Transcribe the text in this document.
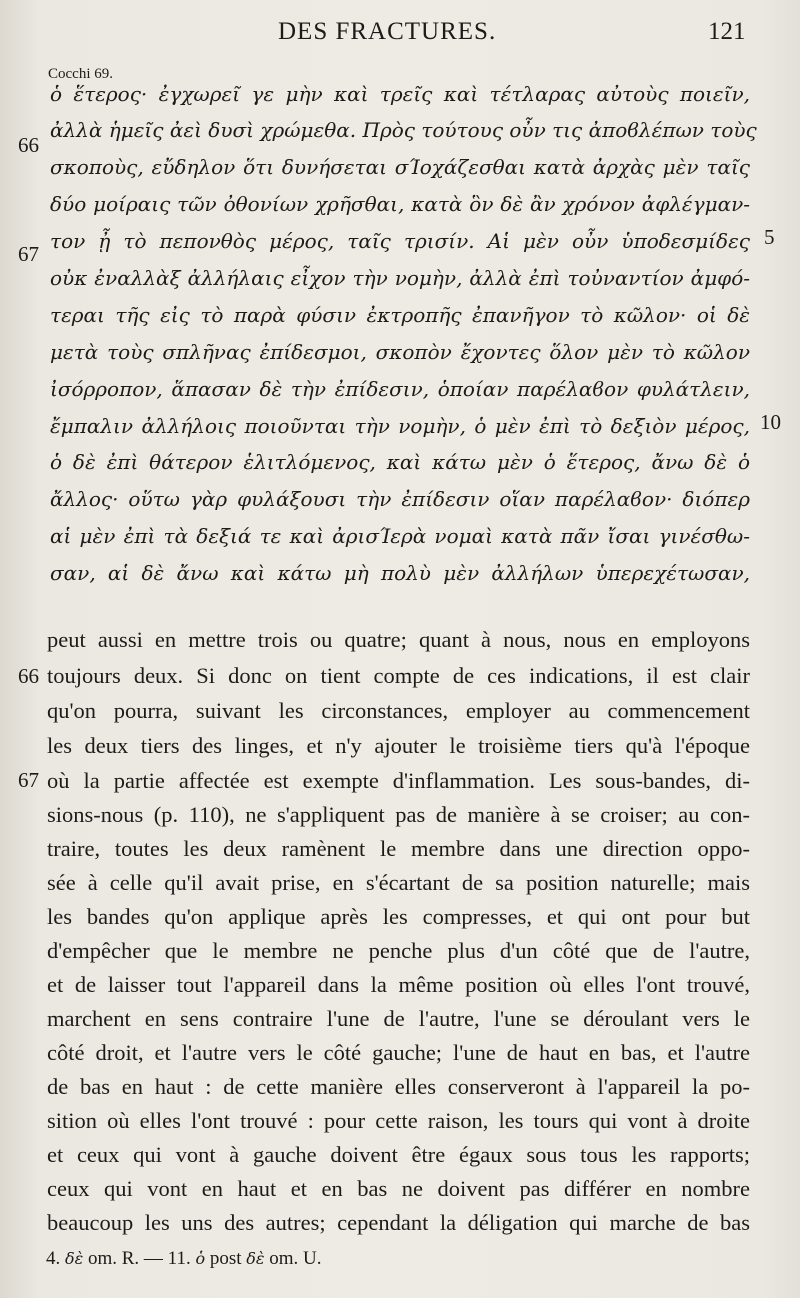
DES FRACTURES.	121
Cocchi 69.
ὁ ἕτερος· ἐγχωρεῖ γε μὴν καὶ τρεῖς καὶ τέτλαρας αὐτοὺς ποιεῖν,
ἀλλὰ ἡμεῖς ἀεὶ δυσὶ χρώμεθα. Πρὸς τούτους οὖν τις ἀποϐλέπων τοὺς
σκοποὺς, εὔδηλον ὅτι δυνήσεται σΊοχάζεσθαι κατὰ ἀρχὰς μὲν ταῖς
δύο μοίραις τῶν ὀθονίων χρῆσθαι, κατὰ ὃν δὲ ἂν χρόνον ἀφλέγμαν-
τον ᾖ τὸ πεπονθὸς μέρος, ταῖς τρισίν. Αἱ μὲν οὖν ὑποδεσμίδες
οὐκ ἐναλλὰξ ἀλλήλαις εἶχον τὴν νομὴν, ἀλλὰ ἐπὶ τοὐναντίον ἀμφό-
τεραι τῆς εἰς τὸ παρὰ φύσιν ἐκτροπῆς ἐπανῆγον τὸ κῶλον· οἱ δὲ
μετὰ τοὺς σπλῆνας ἐπίδεσμοι, σκοπὸν ἔχοντες ὅλον μὲν τὸ κῶλον
ἰσόρροπον, ἅπασαν δὲ τὴν ἐπίδεσιν, ὁποίαν παρέλαϐον φυλάτλειν,
ἔμπαλιν ἀλλήλοις ποιοῦνται τὴν νομὴν, ὁ μὲν ἐπὶ τὸ δεξιὸν μέρος,
ὁ δὲ ἐπὶ θάτερον ἑλιτλόμενος, καὶ κάτω μὲν ὁ ἕτερος, ἄνω δὲ ὁ
ἄλλος· οὕτω γὰρ φυλάξουσι τὴν ἐπίδεσιν οἵαν παρέλαϐον· διόπερ
αἱ μὲν ἐπὶ τὰ δεξιά τε καὶ ἀρισΊερὰ νομαὶ κατὰ πᾶν ἴσαι γινέσθω-
σαν, αἱ δὲ ἄνω καὶ κάτω μὴ πολὺ μὲν ἀλλήλων ὑπερεχέτωσαν,
66
67
5
10
peut aussi en mettre trois ou quatre; quant à nous, nous en employons
toujours deux. Si donc on tient compte de ces indications, il est clair
qu'on pourra, suivant les circonstances, employer au commencement
les deux tiers des linges, et n'y ajouter le troisième tiers qu'à l'époque
où la partie affectée est exempte d'inflammation. Les sous-bandes, di-
sions-nous (p. 110), ne s'appliquent pas de manière à se croiser; au con-
traire, toutes les deux ramènent le membre dans une direction oppo-
sée à celle qu'il avait prise, en s'écartant de sa position naturelle; mais
les bandes qu'on applique après les compresses, et qui ont pour but
d'empêcher que le membre ne penche plus d'un côté que de l'autre,
et de laisser tout l'appareil dans la même position où elles l'ont trouvé,
marchent en sens contraire l'une de l'autre, l'une se déroulant vers le
côté droit, et l'autre vers le côté gauche; l'une de haut en bas, et l'autre
de bas en haut : de cette manière elles conserveront à l'appareil la po-
sition où elles l'ont trouvé : pour cette raison, les tours qui vont à droite
et ceux qui vont à gauche doivent être égaux sous tous les rapports;
ceux qui vont en haut et en bas ne doivent pas différer en nombre
beaucoup les uns des autres; cependant la déligation qui marche de bas
66
67
4. δὲ om. R. — 11. ὁ post δὲ om. U.
